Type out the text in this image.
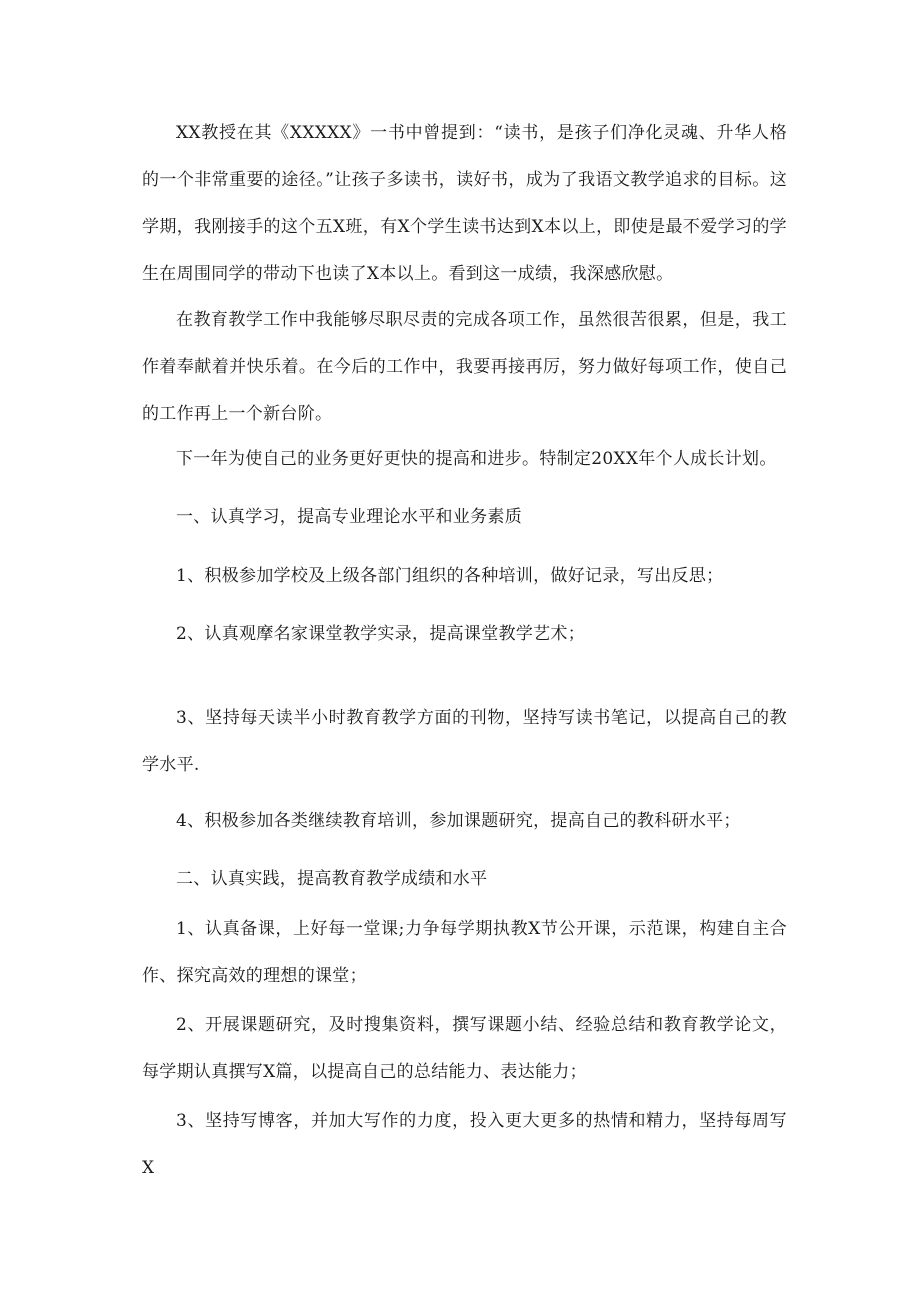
XX教授在其《XXXXX》一书中曾提到：“读书，是孩子们净化灵魂、升华人格的一个非常重要的途径。”让孩子多读书，读好书，成为了我语文教学追求的目标。这学期，我刚接手的这个五X班，有X个学生读书达到X本以上，即使是最不爱学习的学生在周围同学的带动下也读了X本以上。看到这一成绩，我深感欣慰。

在教育教学工作中我能够尽职尽责的完成各项工作，虽然很苦很累，但是，我工作着奉献着并快乐着。在今后的工作中，我要再接再厉，努力做好每项工作，使自己的工作再上一个新台阶。

下一年为使自己的业务更好更快的提高和进步。特制定20XX年个人成长计划。

一、认真学习，提高专业理论水平和业务素质

1、积极参加学校及上级各部门组织的各种培训，做好记录，写出反思；

2、认真观摩名家课堂教学实录，提高课堂教学艺术；

3、坚持每天读半小时教育教学方面的刊物，坚持写读书笔记，以提高自己的教学水平.

4、积极参加各类继续教育培训，参加课题研究，提高自己的教科研水平；

二、认真实践，提高教育教学成绩和水平

1、认真备课，上好每一堂课;力争每学期执教X节公开课，示范课，构建自主合作、探究高效的理想的课堂；

2、开展课题研究，及时搜集资料，撰写课题小结、经验总结和教育教学论文，每学期认真撰写X篇，以提高自己的总结能力、表达能力；

3、坚持写博客，并加大写作的力度，投入更大更多的热情和精力，坚持每周写X
